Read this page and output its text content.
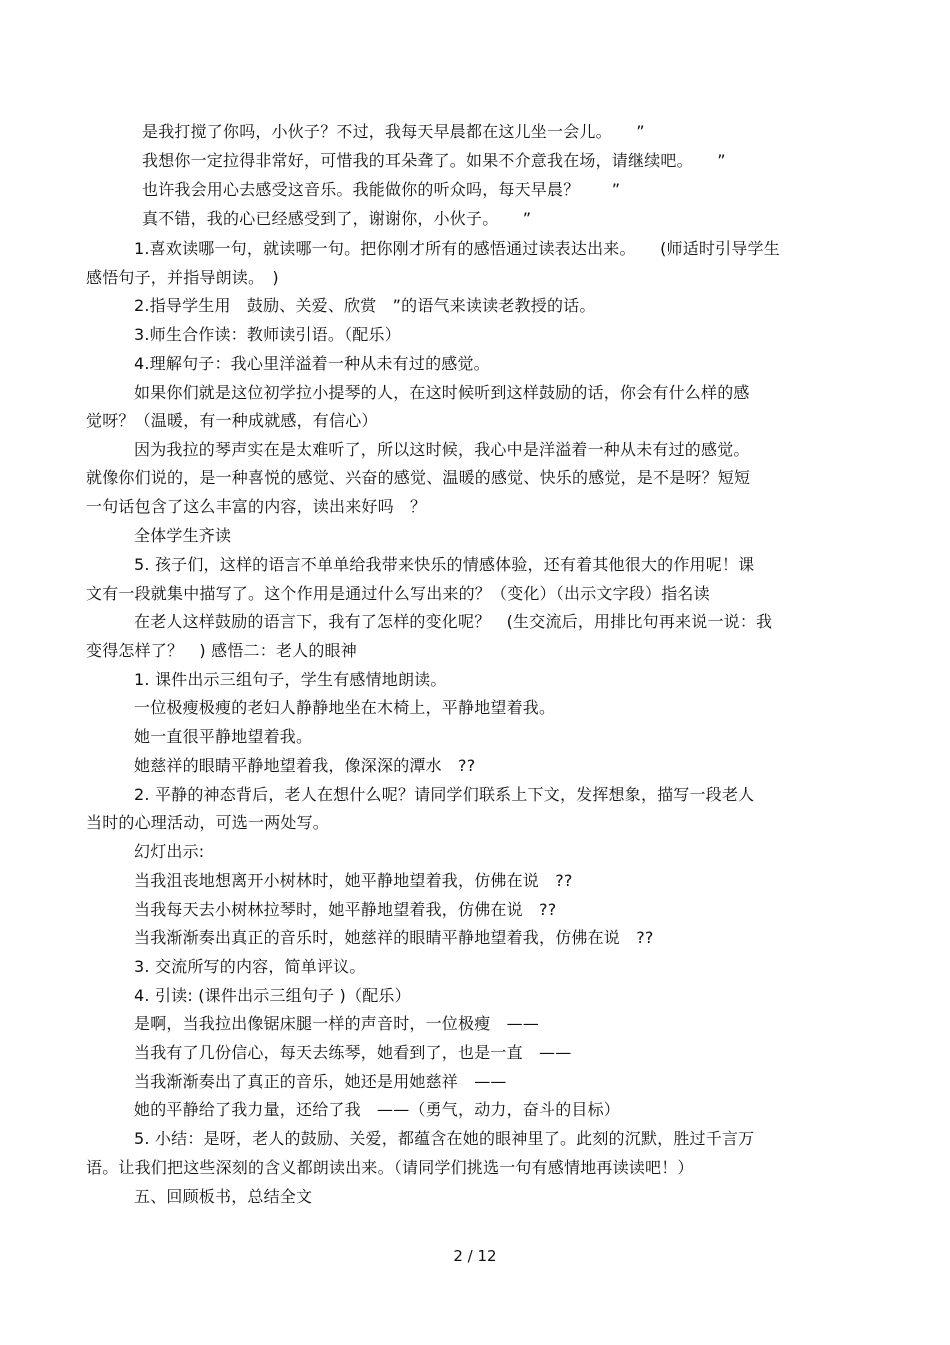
是我打搅了你吗，小伙子？不过，我每天早晨都在这儿坐一会儿。　　”
我想你一定拉得非常好，可惜我的耳朵聋了。如果不介意我在场，请继续吧。　　”
也许我会用心去感受这音乐。我能做你的听众吗，每天早晨？　　”
真不错，我的心已经感受到了，谢谢你，小伙子。　　”
1.喜欢读哪一句，就读哪一句。把你刚才所有的感悟通过读表达出来。　　(师适时引导学生
感悟句子，并指导朗读。　)
2.指导学生用　鼓励、关爱、欣赏　”的语气来读读老教授的话。
3.师生合作读：教师读引语。（配乐）
4.理解句子：我心里洋溢着一种从未有过的感觉。
如果你们就是这位初学拉小提琴的人，在这时候听到这样鼓励的话，你会有什么样的感
觉呀？（温暖，有一种成就感，有信心）
因为我拉的琴声实在是太难听了，所以这时候，我心中是洋溢着一种从未有过的感觉。
就像你们说的，是一种喜悦的感觉、兴奋的感觉、温暖的感觉、快乐的感觉，是不是呀？短短
一句话包含了这么丰富的内容，读出来好吗　？
全体学生齐读
5. 孩子们，这样的语言不单单给我带来快乐的情感体验，还有着其他很大的作用呢！课
文有一段就集中描写了。这个作用是通过什么写出来的？（变化）（出示文字段）指名读
在老人这样鼓励的语言下，我有了怎样的变化呢？　(生交流后，用排比句再来说一说：我
变得怎样了？　) 感悟二：老人的眼神
1. 课件出示三组句子，学生有感情地朗读。
一位极瘦极瘦的老妇人静静地坐在木椅上，平静地望着我。
她一直很平静地望着我。
她慈祥的眼睛平静地望着我，像深深的潭水　??
2. 平静的神态背后，老人在想什么呢？请同学们联系上下文，发挥想象，描写一段老人
当时的心理活动，可选一两处写。
幻灯出示:
当我沮丧地想离开小树林时，她平静地望着我，仿佛在说　??
当我每天去小树林拉琴时，她平静地望着我，仿佛在说　??
当我渐渐奏出真正的音乐时，她慈祥的眼睛平静地望着我，仿佛在说　??
3. 交流所写的内容，简单评议。
4. 引读: (课件出示三组句子 )（配乐）
是啊，当我拉出像锯床腿一样的声音时，一位极瘦　——
当我有了几份信心，每天去练琴，她看到了，也是一直　——
当我渐渐奏出了真正的音乐，她还是用她慈祥　——
她的平静给了我力量，还给了我　——（勇气，动力，奋斗的目标）
5. 小结：是呀，老人的鼓励、关爱，都蕴含在她的眼神里了。此刻的沉默，胜过千言万
语。让我们把这些深刻的含义都朗读出来。（请同学们挑选一句有感情地再读读吧！）
五、回顾板书，总结全文
2 / 12
